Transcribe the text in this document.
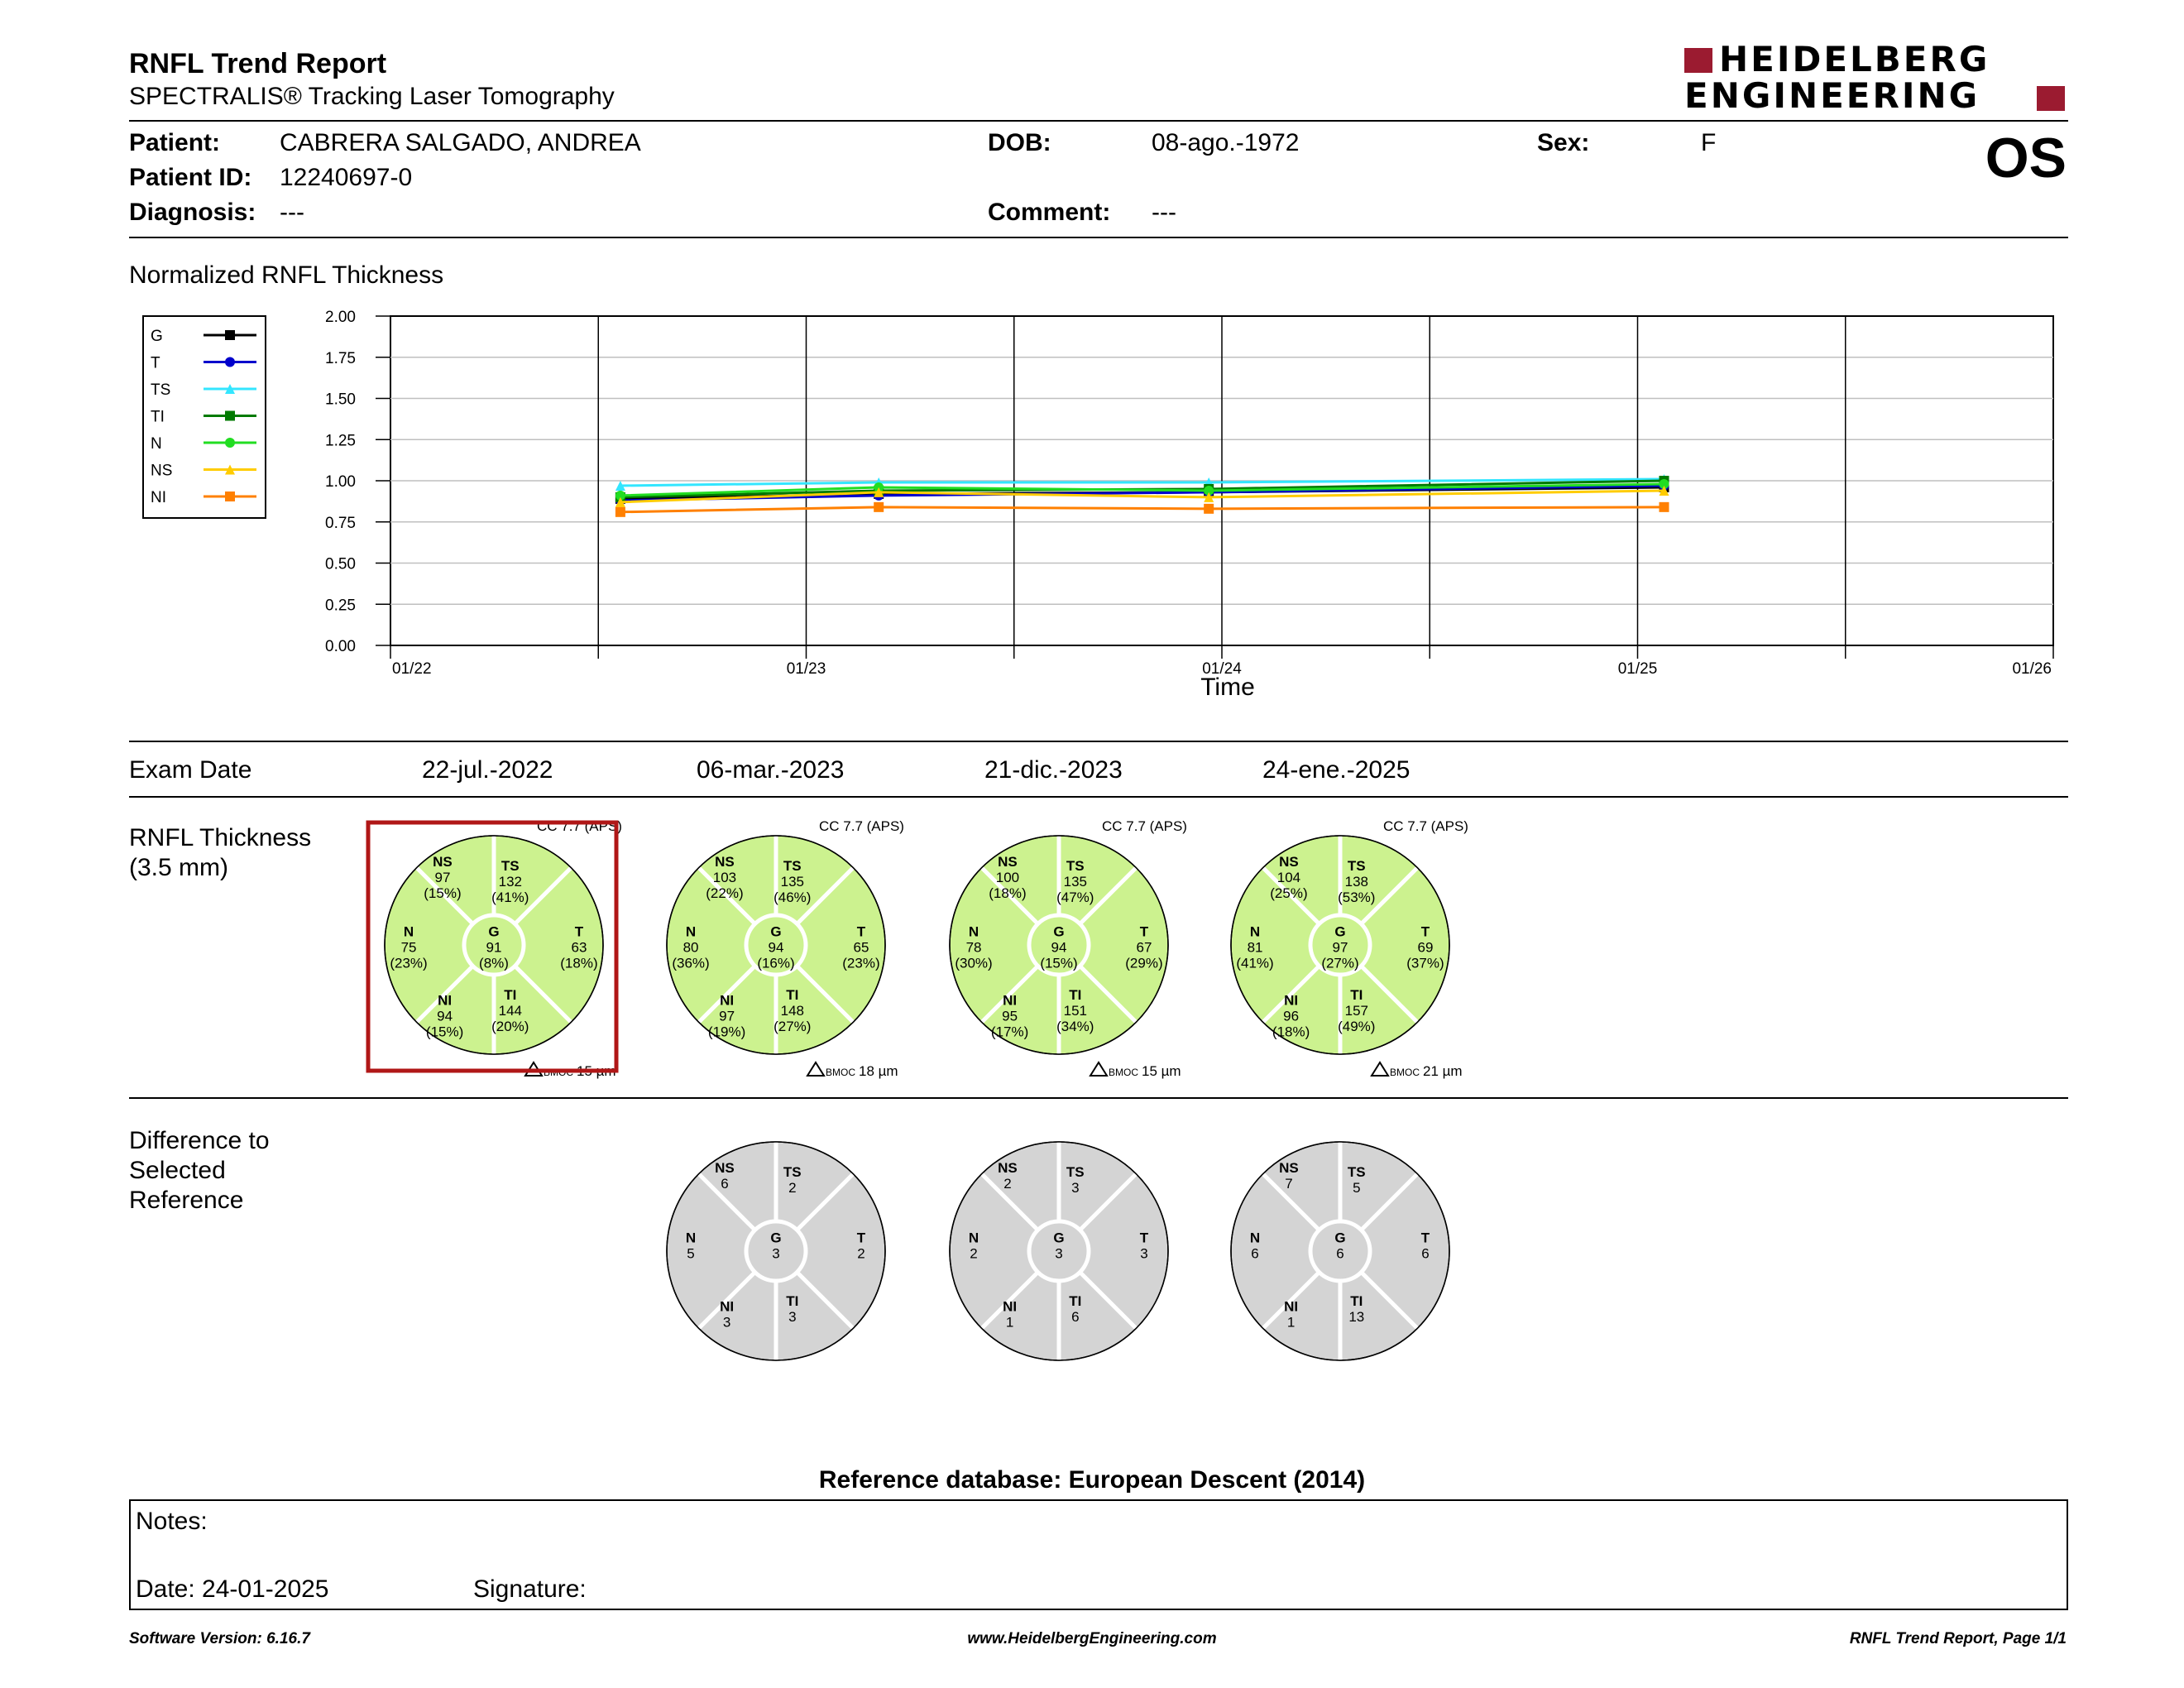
RNFL Trend Report
SPECTRALIS® Tracking Laser Tomography
HEIDELBERG
ENGINEERING
Patient: CABRERA SALGADO, ANDREA
Patient ID: 12240697-0
Diagnosis: ---
DOB:	08-ago.-1972
Comment: ---
Sex:	F	OS
Normalized RNFL Thickness
G
T
TS
TI
N
NS
NI
2.00
1.75
1.50
1.25
1.00
0.75
0.50
0.25
0.00
01/22	01/23	01/24	01/25	01/26
Time
Exam Date	22-jul.-2022	06-mar.-2023	21-dic.-2023	24-ene.-2025
RNFL Thickness
(3.5 mm)	NS
97
(15%)
TS
132
(41%)
N
75
(23%)
G
91
(8%)
T
63
(18%)
NI
94
(15%)
TI
144
(20%)
CC 7.7 (APS)
BMOC 15 µm
NS
103
(22%)
TS
135
(46%)
N
80
(36%)
G
94
(16%)
T
65
(23%)
NI
97
(19%)
TI
148
(27%)
CC 7.7 (APS)
BMOC 18 µm
NS
100
(18%)
TS
135
(47%)
N
78
(30%)
G
94
(15%)
T
67
(29%)
NI
95
(17%)
TI
151
(34%)
CC 7.7 (APS)
BMOC 15 µm
NS
104
(25%)
TS
138
(53%)
N
81
(41%)
G
97
(27%)
T
69
(37%)
NI
96
(18%)
TI
157
(49%)
CC 7.7 (APS)
BMOC 21 µm
Difference to
Selected
Reference
NS
6
TS
2
N
5
G
3
T
2
NI
3
TI
3
NS
2
TS
3
N
2
G
3
T
3
NI
1
TI
6
NS
7
TS
5
N
6
G
6
T
6
NI
1
TI
13
Reference database: European Descent (2014)
Notes:
Date: 24-01-2025	Signature:
Software Version: 6.16.7	www.HeidelbergEngineering.com	RNFL Trend Report, Page 1/1
